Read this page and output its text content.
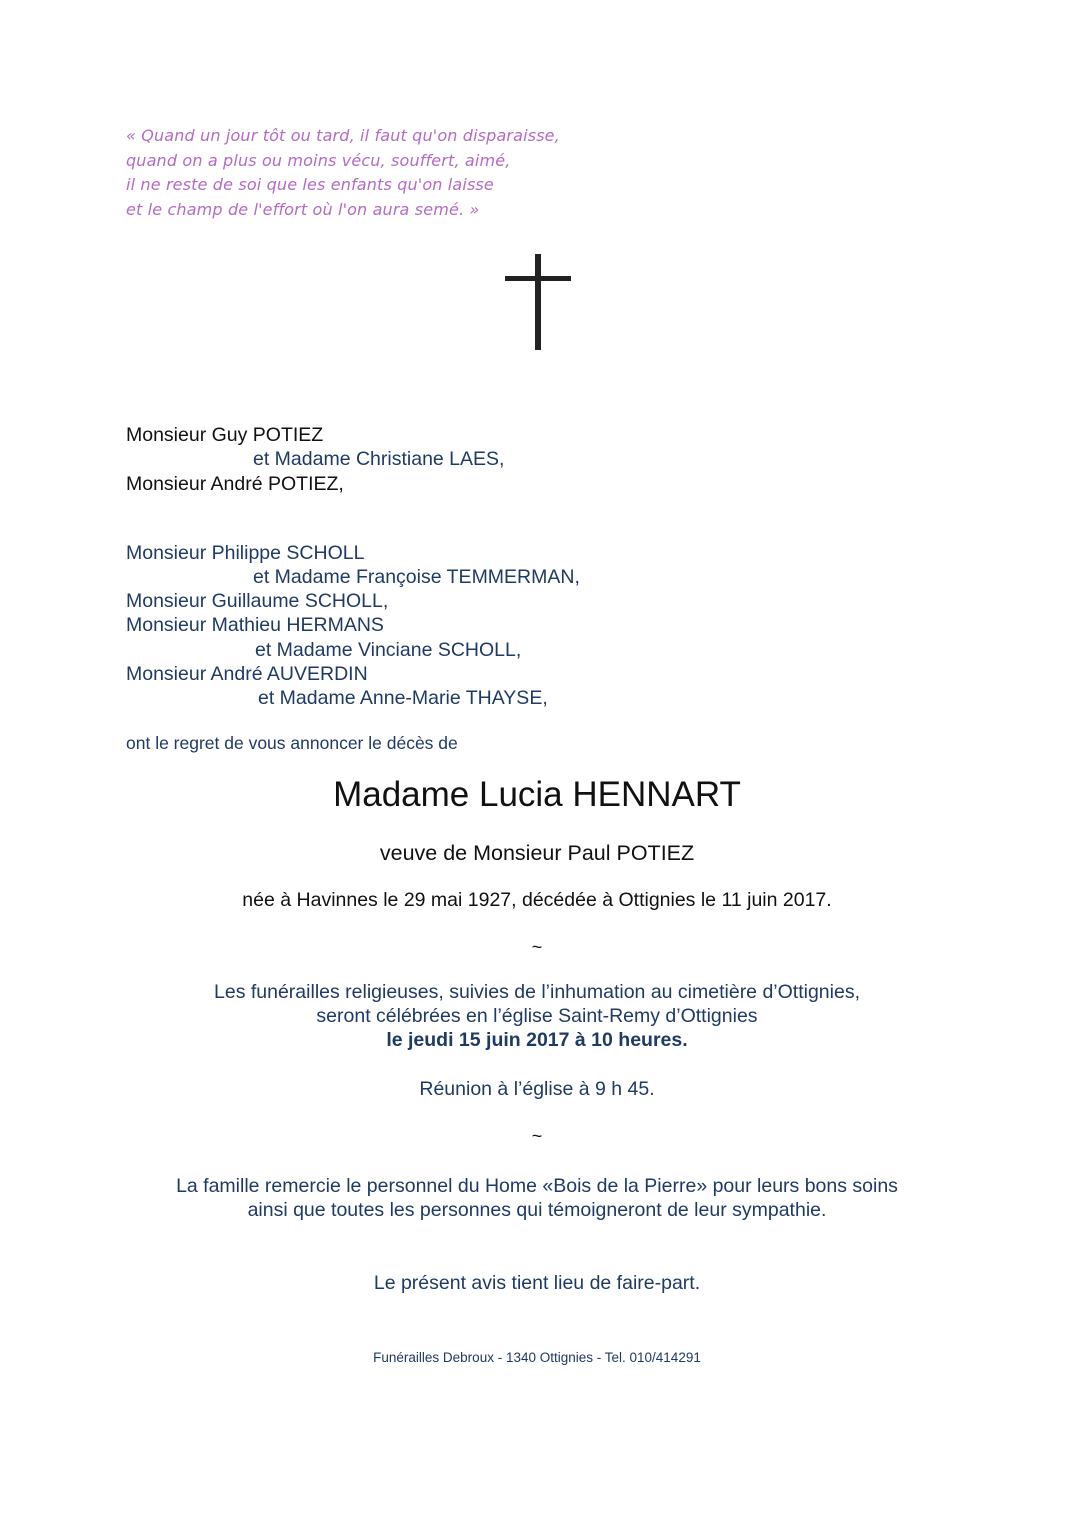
« Quand un jour tôt ou tard, il faut qu'on disparaisse,
quand on a plus ou moins vécu, souffert, aimé,
il ne reste de soi que les enfants qu'on laisse
et le champ de l'effort où l'on aura semé. »
Monsieur Guy POTIEZ
et Madame Christiane LAES,
Monsieur André POTIEZ,
Monsieur Philippe SCHOLL
et Madame Françoise TEMMERMAN,
Monsieur Guillaume SCHOLL,
Monsieur Mathieu HERMANS
et Madame Vinciane SCHOLL,
Monsieur André AUVERDIN
et Madame Anne-Marie THAYSE,
ont le regret de vous annoncer le décès de
Madame Lucia HENNART
veuve de Monsieur Paul POTIEZ
née à Havinnes le 29 mai 1927, décédée à Ottignies le 11 juin 2017.
~
Les funérailles religieuses, suivies de l’inhumation au cimetière d’Ottignies,
seront célébrées en l’église Saint-Remy d’Ottignies
le jeudi 15 juin 2017 à 10 heures.
Réunion à l’église à 9 h 45.
~
La famille remercie le personnel du Home «Bois de la Pierre» pour leurs bons soins
ainsi que toutes les personnes qui témoigneront de leur sympathie.
Le présent avis tient lieu de faire-part.
Funérailles Debroux - 1340 Ottignies - Tel. 010/414291
